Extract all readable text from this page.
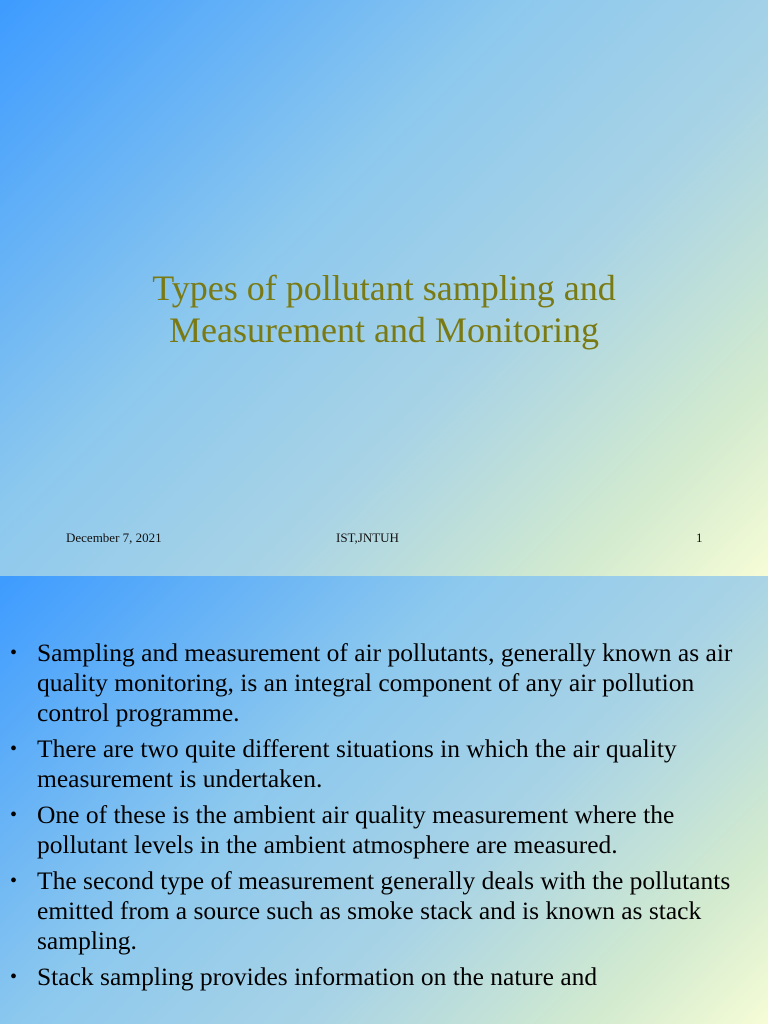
Types of pollutant sampling and
Measurement and Monitoring
December 7, 2021	IST,JNTUH	1
• Sampling and measurement of air pollutants, generally known as air quality monitoring, is an integral component of any air pollution control programme.
• There are two quite different situations in which the air quality measurement is undertaken.
• One of these is the ambient air quality measurement where the pollutant levels in the ambient atmosphere are measured.
• The second type of measurement generally deals with the pollutants emitted from a source such as smoke stack and is known as stack sampling.
• Stack sampling provides information on the nature and
